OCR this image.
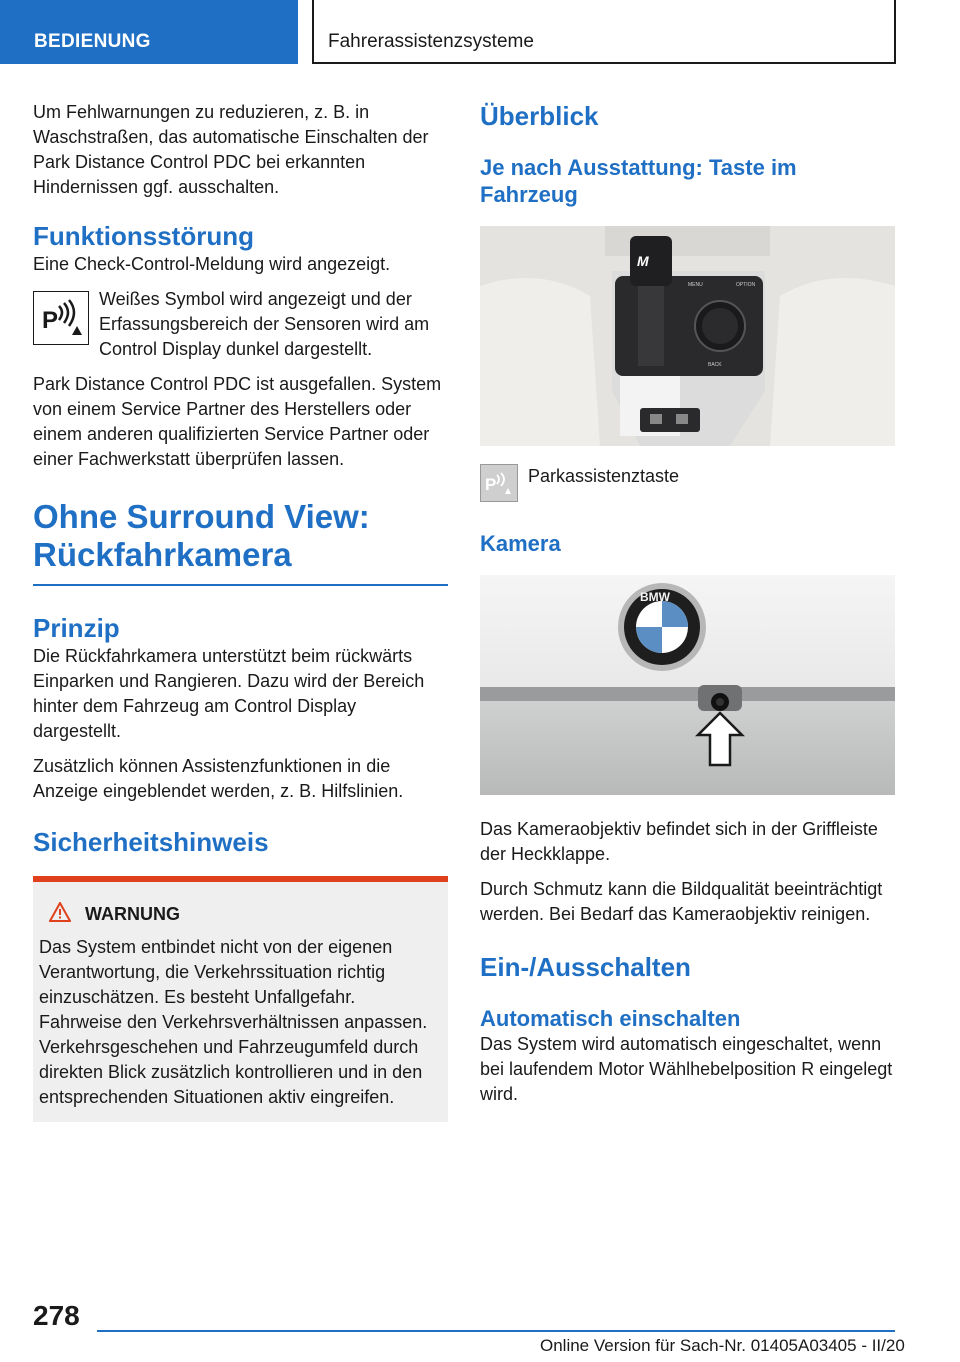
BEDIENUNG	Fahrerassistenzsysteme

Um Fehlwarnungen zu reduzieren, z. B. in Waschstraßen, das automatische Einschalten der Park Distance Control PDC bei erkannten Hindernissen ggf. ausschalten.

Funktionsstörung

Eine Check-Control-Meldung wird angezeigt.

P

Weißes Symbol wird angezeigt und der Erfassungsbereich der Sensoren wird am Control Display dunkel dargestellt.

Park Distance Control PDC ist ausgefallen. System von einem Service Partner des Herstellers oder einem anderen qualifizierten Service Partner oder einer Fachwerkstatt überprüfen lassen.

Ohne Surround View: Rückfahrkamera
Prinzip

Die Rückfahrkamera unterstützt beim rückwärts Einparken und Rangieren. Dazu wird der Bereich hinter dem Fahrzeug am Control Display dargestellt.

Zusätzlich können Assistenzfunktionen in die Anzeige eingeblendet werden, z. B. Hilfslinien.

Sicherheitshinweis
WARNUNG

Das System entbindet nicht von der eigenen Verantwortung, die Verkehrssituation richtig einzuschätzen. Es besteht Unfallgefahr. Fahrweise den Verkehrsverhältnissen anpassen. Verkehrsgeschehen und Fahrzeugumfeld durch direkten Blick zusätzlich kontrollieren und in den entsprechenden Situationen aktiv eingreifen.

Überblick
Je nach Ausstattung: Taste im Fahrzeug
M
MENU	OPTION
BACK
P Parkassistenztaste

Kamera
BMW

Das Kameraobjektiv befindet sich in der Griffleiste der Heckklappe.

Durch Schmutz kann die Bildqualität beeinträchtigt werden. Bei Bedarf das Kameraobjektiv reinigen.

Ein-/Ausschalten
Automatisch einschalten

Das System wird automatisch eingeschaltet, wenn bei laufendem Motor Wählhebelposition R eingelegt wird.

278
Online Version für Sach-Nr. 01405A03405 - II/20
